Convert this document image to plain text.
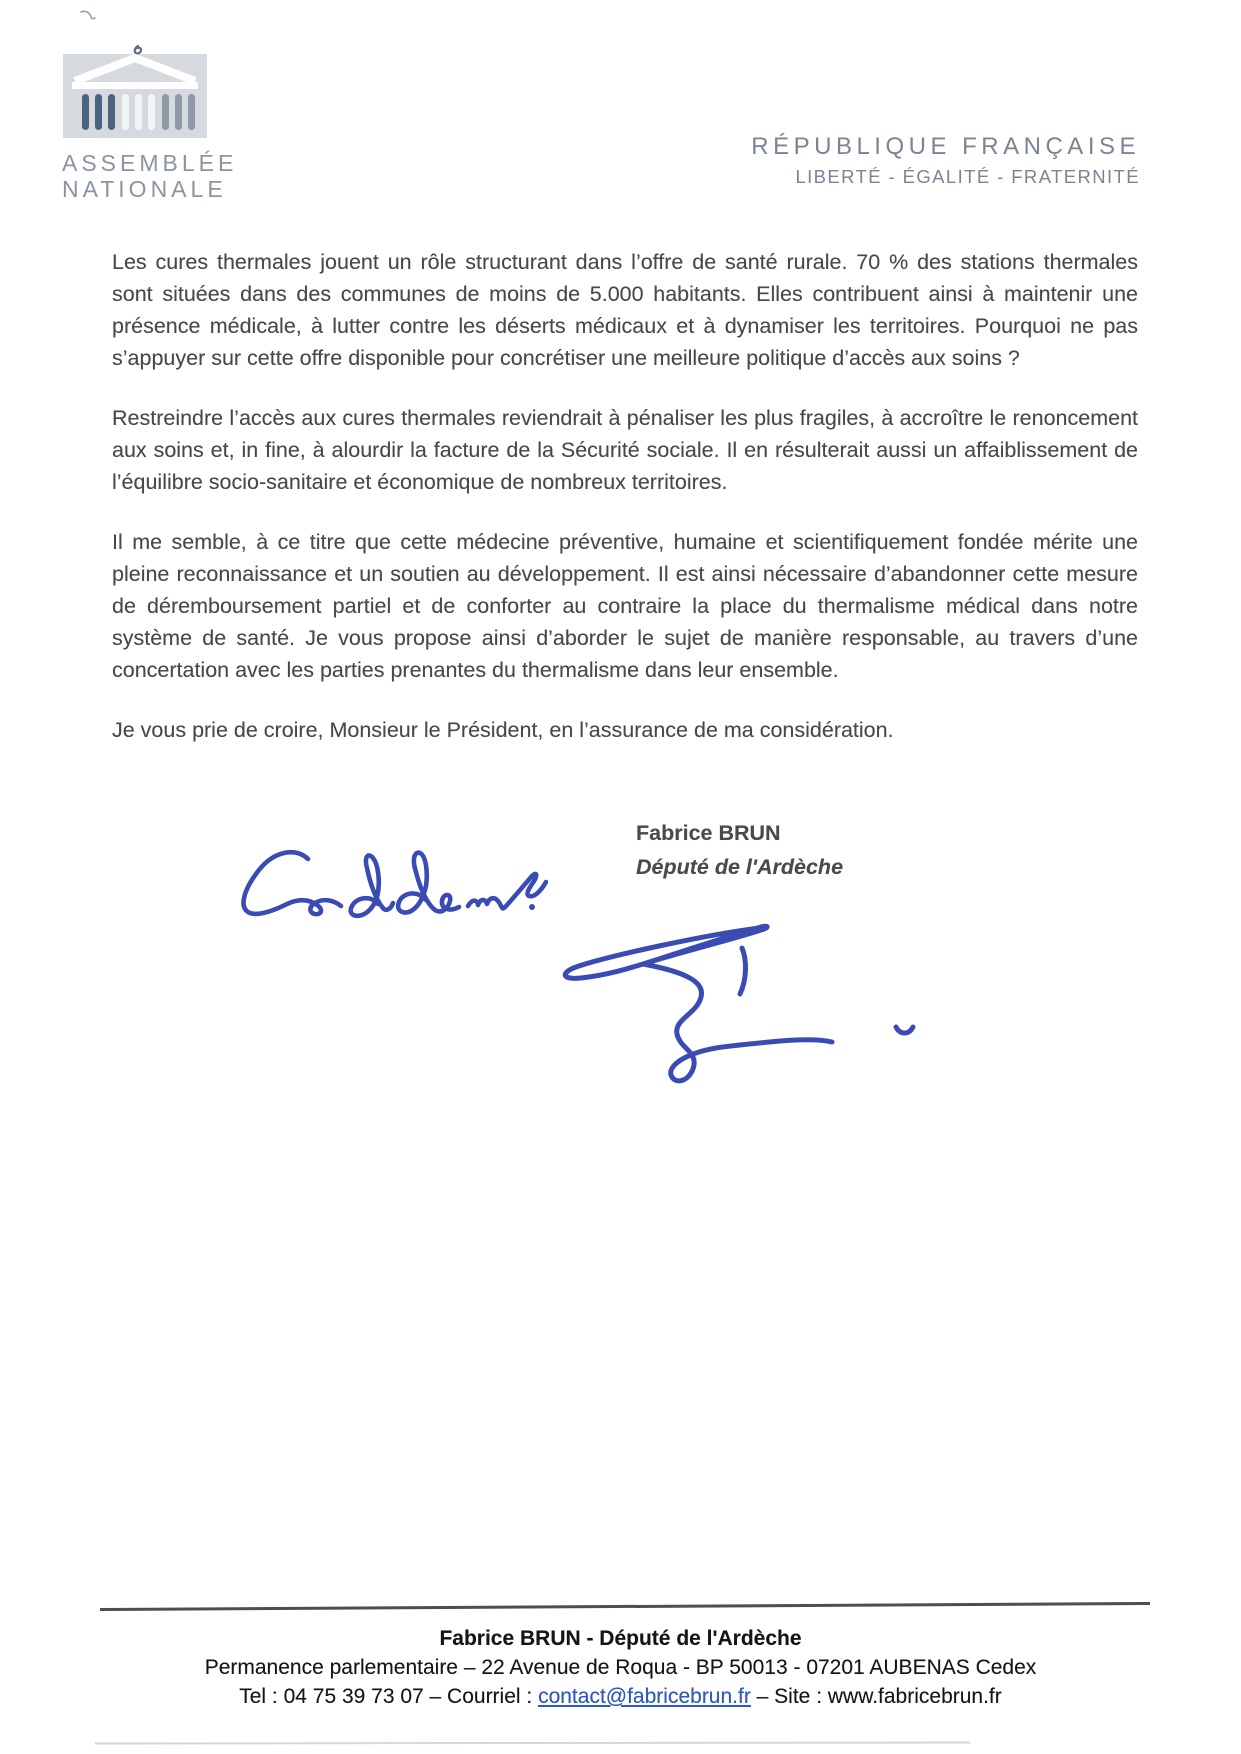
ASSEMBLÉE
NATIONALE
RÉPUBLIQUE FRANÇAISE
LIBERTÉ - ÉGALITÉ - FRATERNITÉ

Les cures thermales jouent un rôle structurant dans l’offre de santé rurale. 70 % des stations thermales sont situées dans des communes de moins de 5.000 habitants. Elles contribuent ainsi à maintenir une présence médicale, à lutter contre les déserts médicaux et à dynamiser les territoires. Pourquoi ne pas s’appuyer sur cette offre disponible pour concrétiser une meilleure politique d’accès aux soins ?

Restreindre l’accès aux cures thermales reviendrait à pénaliser les plus fragiles, à accroître le renoncement aux soins et, in fine, à alourdir la facture de la Sécurité sociale. Il en résulterait aussi un affaiblissement de l’équilibre socio-sanitaire et économique de nombreux territoires.

Il me semble, à ce titre que cette médecine préventive, humaine et scientifiquement fondée mérite une pleine reconnaissance et un soutien au développement. Il est ainsi nécessaire d’abandonner cette mesure de déremboursement partiel et de conforter au contraire la place du thermalisme médical dans notre système de santé. Je vous propose ainsi d’aborder le sujet de manière responsable, au travers d’une concertation avec les parties prenantes du thermalisme dans leur ensemble.

Je vous prie de croire, Monsieur le Président, en l’assurance de ma considération.

Fabrice BRUN
Député de l'Ardèche
Fabrice BRUN - Député de l'Ardèche
Permanence parlementaire – 22 Avenue de Roqua - BP 50013 - 07201 AUBENAS Cedex
Tel : 04 75 39 73 07 – Courriel : contact@fabricebrun.fr – Site : www.fabricebrun.fr
